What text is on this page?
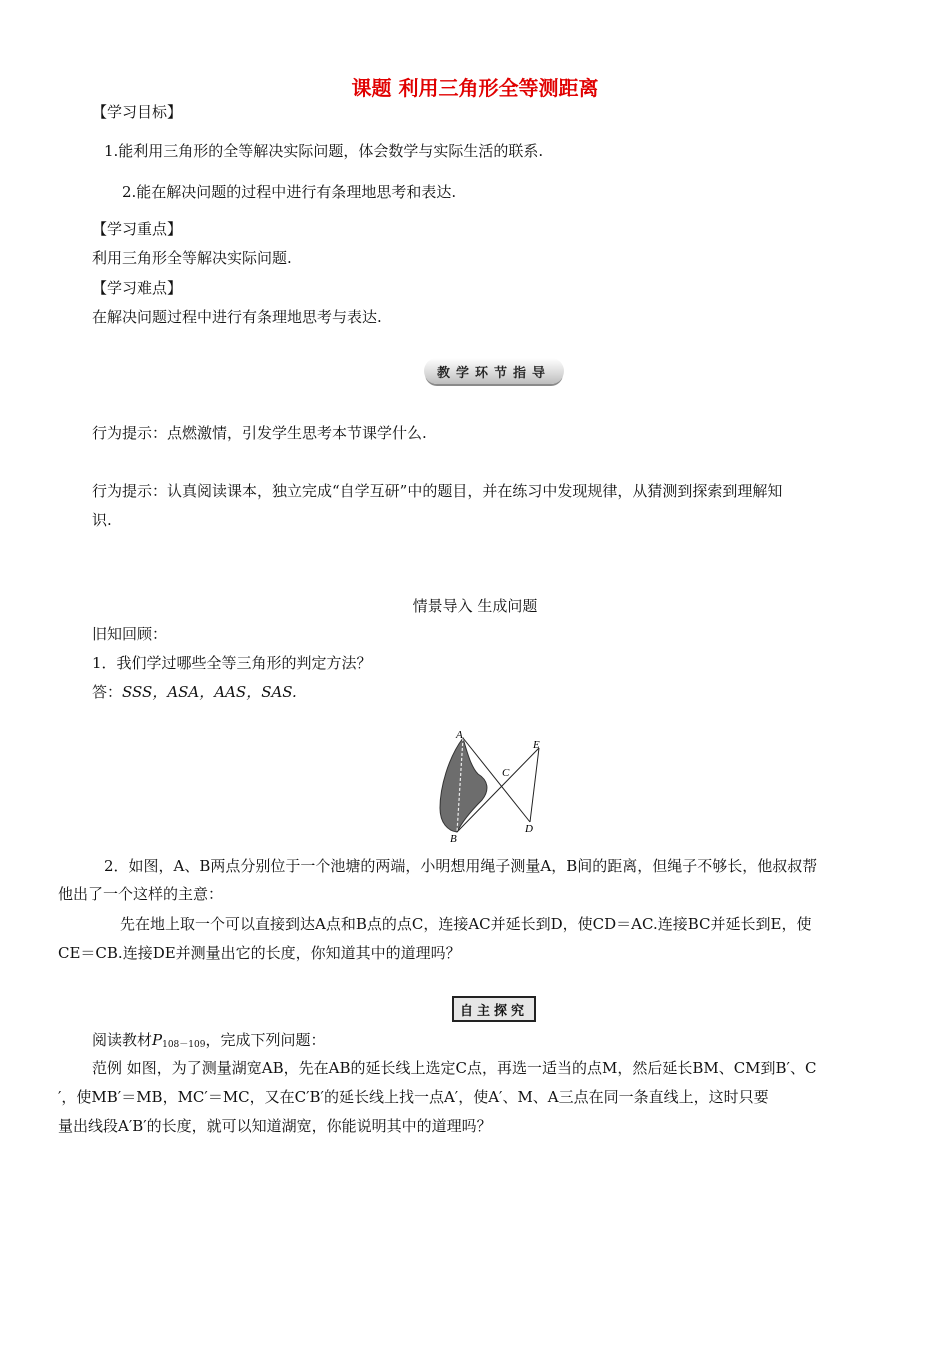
课题 利用三角形全等测距离
【学习目标】
1.能利用三角形的全等解决实际问题，体会数学与实际生活的联系.
2.能在解决问题的过程中进行有条理地思考和表达.
【学习重点】
利用三角形全等解决实际问题.
【学习难点】
在解决问题过程中进行有条理地思考与表达.
教学环节指导
行为提示：点燃激情，引发学生思考本节课学什么.
行为提示：认真阅读课本，独立完成“自学互研”中的题目，并在练习中发现规律，从猜测到探索到理解知
识.
情景导入 生成问题
旧知回顾：
1．我们学过哪些全等三角形的判定方法？
答：SSS，ASA，AAS，SAS.
A
B
C
D
E
2．如图，A、B两点分别位于一个池塘的两端，小明想用绳子测量A，B间的距离，但绳子不够长，他叔叔帮
他出了一个这样的主意：
先在地上取一个可以直接到达A点和B点的点C，连接AC并延长到D，使CD＝AC.连接BC并延长到E，使
CE＝CB.连接DE并测量出它的长度，你知道其中的道理吗？
自主探究
阅读教材$P_{108-109}$，完成下列问题：
范例 如图，为了测量湖宽AB，先在AB的延长线上选定C点，再选一适当的点M，然后延长BM、CM到B′、C
′，使MB′＝MB，MC′＝MC，又在C′B′的延长线上找一点A′，使A′、M、A三点在同一条直线上，这时只要
量出线段A′B′的长度，就可以知道湖宽，你能说明其中的道理吗？
